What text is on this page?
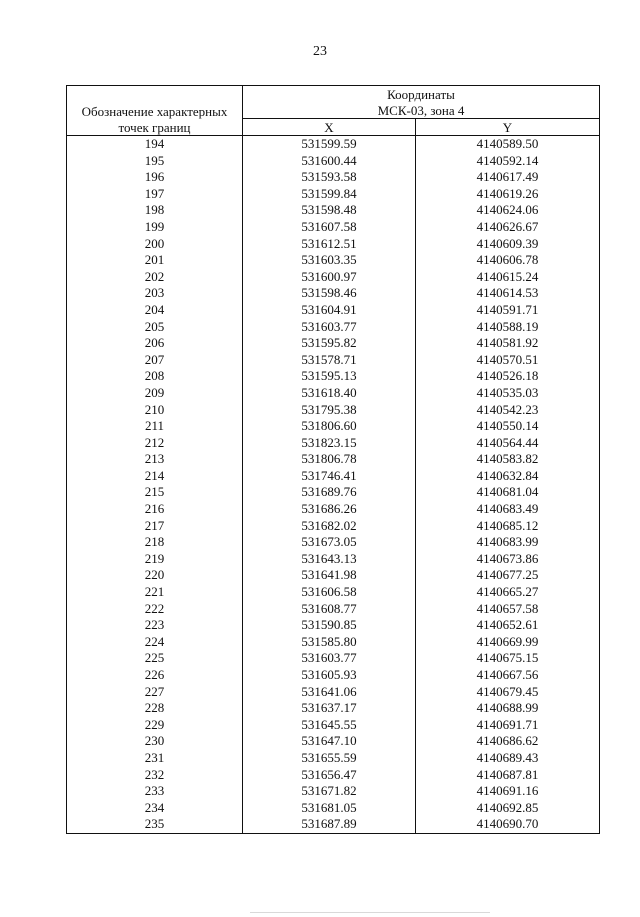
23
Обозначение характерных точек границ	Координаты
МСК-03, зона 4	

	X	Y
194	531599.59	4140589.50
195	531600.44	4140592.14
196	531593.58	4140617.49
197	531599.84	4140619.26
198	531598.48	4140624.06
199	531607.58	4140626.67
200	531612.51	4140609.39
201	531603.35	4140606.78
202	531600.97	4140615.24
203	531598.46	4140614.53
204	531604.91	4140591.71
205	531603.77	4140588.19
206	531595.82	4140581.92
207	531578.71	4140570.51
208	531595.13	4140526.18
209	531618.40	4140535.03
210	531795.38	4140542.23
211	531806.60	4140550.14
212	531823.15	4140564.44
213	531806.78	4140583.82
214	531746.41	4140632.84
215	531689.76	4140681.04
216	531686.26	4140683.49
217	531682.02	4140685.12
218	531673.05	4140683.99
219	531643.13	4140673.86
220	531641.98	4140677.25
221	531606.58	4140665.27
222	531608.77	4140657.58
223	531590.85	4140652.61
224	531585.80	4140669.99
225	531603.77	4140675.15
226	531605.93	4140667.56
227	531641.06	4140679.45
228	531637.17	4140688.99
229	531645.55	4140691.71
230	531647.10	4140686.62
231	531655.59	4140689.43
232	531656.47	4140687.81
233	531671.82	4140691.16
234	531681.05	4140692.85
235	531687.89	4140690.70
